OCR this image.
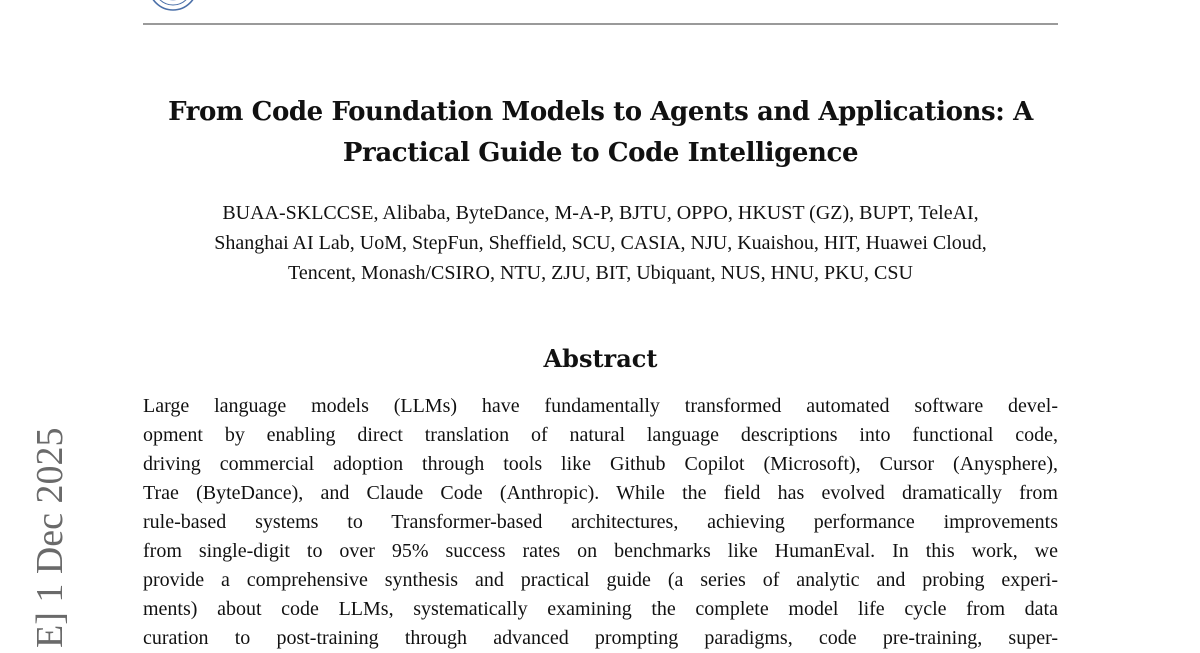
From Code Foundation Models to Agents and Applications: A
Practical Guide to Code Intelligence
BUAA-SKLCCSE, Alibaba, ByteDance, M-A-P, BJTU, OPPO, HKUST (GZ), BUPT, TeleAI,
Shanghai AI Lab, UoM, StepFun, Sheffield, SCU, CASIA, NJU, Kuaishou, HIT, Huawei Cloud,
Tencent, Monash/CSIRO, NTU, ZJU, BIT, Ubiquant, NUS, HNU, PKU, CSU
Abstract
Large language models (LLMs) have fundamentally transformed automated software devel-
opment by enabling direct translation of natural language descriptions into functional code,
driving commercial adoption through tools like Github Copilot (Microsoft), Cursor (Anysphere),
Trae (ByteDance), and Claude Code (Anthropic). While the field has evolved dramatically from
rule-based systems to Transformer-based architectures, achieving performance improvements
from single-digit to over 95% success rates on benchmarks like HumanEval. In this work, we
provide a comprehensive synthesis and practical guide (a series of analytic and probing experi-
ments) about code LLMs, systematically examining the complete model life cycle from data
curation to post-training through advanced prompting paradigms, code pre-training, super-
E] 1 Dec 2025
